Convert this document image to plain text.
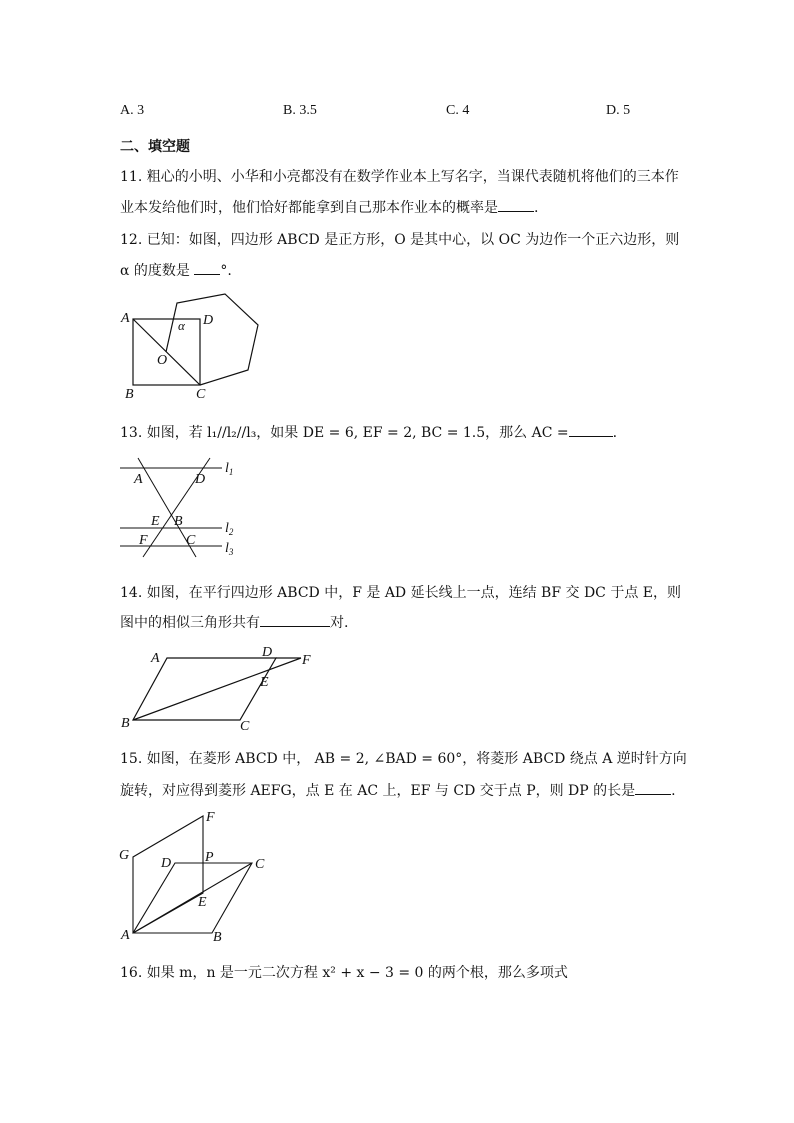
A. 3	B. 3.5	C. 4	D. 5
二、填空题
11. 粗心的小明、小华和小亮都没有在数学作业本上写名字，当课代表随机将他们的三本作
业本发给他们时，他们恰好都能拿到自己那本作业本的概率是	.
12. 已知：如图，四边形 ABCD 是正方形，O 是其中心，以 OC 为边作一个正六边形，则
α 的度数是 °.
A	D
α
O
B	C
13. 如图，若 l₁//l₂//l₃，如果 DE = 6, EF = 2, BC = 1.5，那么 AC =	.
A	D
E B
F	C
$l_1$
$l_2$
$l_3$
14. 如图，在平行四边形 ABCD 中，F 是 AD 延长线上一点，连结 BF 交 DC 于点 E，则
图中的相似三角形共有	对.
A	D
F
E
B	C
15. 如图，在菱形 ABCD 中， AB = 2, ∠BAD = 60°，将菱形 ABCD 绕点 A 逆时针方向
旋转，对应得到菱形 AEFG，点 E 在 AC 上，EF 与 CD 交于点 P，则 DP 的长是	.
F
G
D P	C
E
A	B
16. 如果 m，n 是一元二次方程 x² + x − 3 = 0 的两个根，那么多项式
